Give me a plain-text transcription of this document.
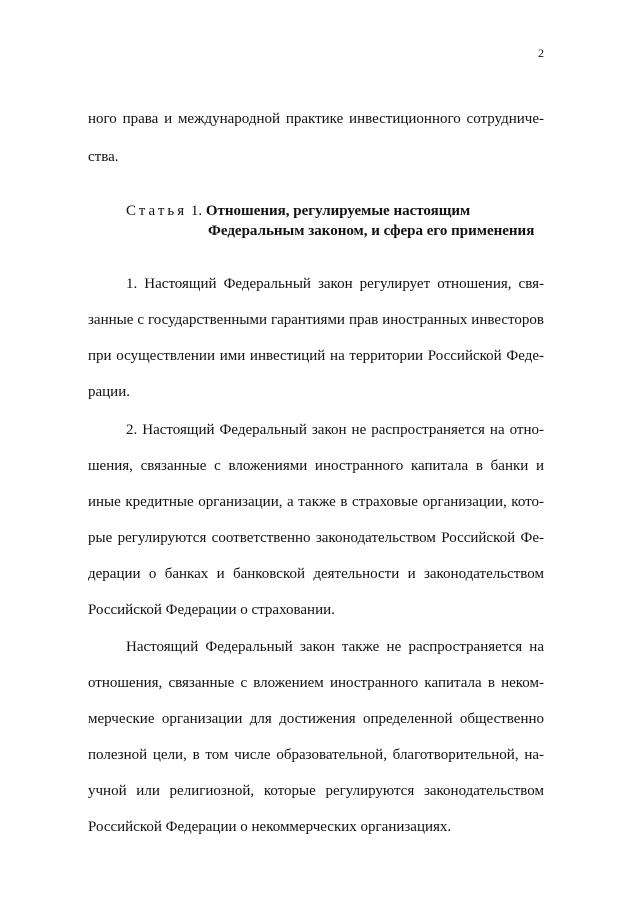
2
ного права и международной практике инвестиционного сотрудниче-
ства.
Статья 1. Отношения, регулируемые настоящим
Федеральным законом, и сфера его применения
1. Настоящий Федеральный закон регулирует отношения, свя-
занные с государственными гарантиями прав иностранных инвесторов
при осуществлении ими инвестиций на территории Российской Феде-
рации.
2. Настоящий Федеральный закон не распространяется на отно-
шения, связанные с вложениями иностранного капитала в банки и
иные кредитные организации, а также в страховые организации, кото-
рые регулируются соответственно законодательством Российской Фе-
дерации о банках и банковской деятельности и законодательством
Российской Федерации о страховании.
Настоящий Федеральный закон также не распространяется на
отношения, связанные с вложением иностранного капитала в неком-
мерческие организации для достижения определенной общественно
полезной цели, в том числе образовательной, благотворительной, на-
учной или религиозной, которые регулируются законодательством
Российской Федерации о некоммерческих организациях.
